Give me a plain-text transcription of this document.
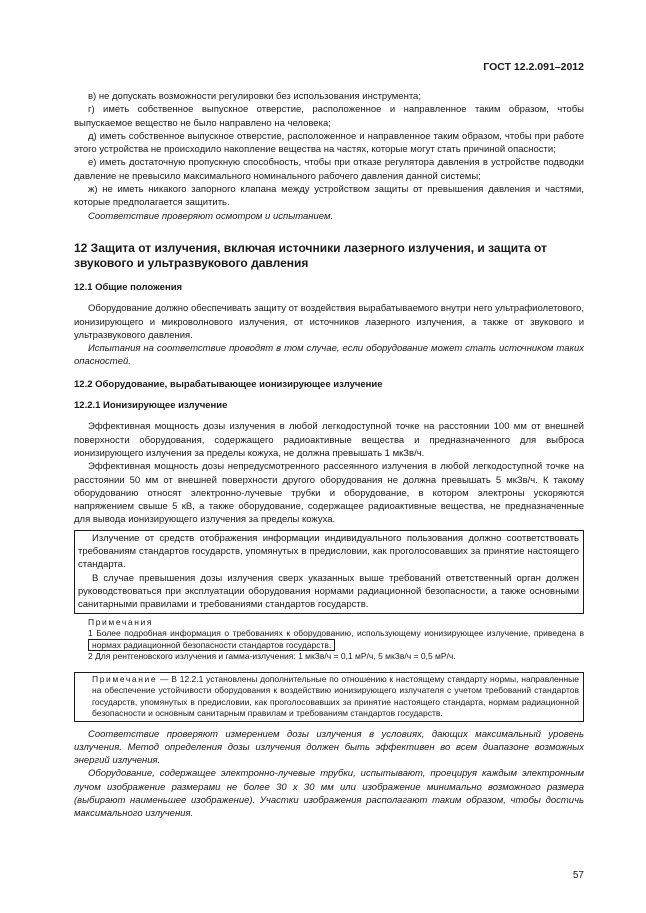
ГОСТ 12.2.091–2012

в) не допускать возможности регулировки без использования инструмента;

г) иметь собственное выпускное отверстие, расположенное и направленное таким образом, чтобы выпускаемое вещество не было направлено на человека;

д) иметь собственное выпускное отверстие, расположенное и направленное таким образом, чтобы при работе этого устройства не происходило накопление вещества на частях, которые могут стать причиной опасности;

е) иметь достаточную пропускную способность, чтобы при отказе регулятора давления в устройстве подводки давление не превысило максимального номинального рабочего давления данной системы;

ж) не иметь никакого запорного клапана между устройством защиты от превышения давления и частями, которые предполагается защитить.

Соответствие проверяют осмотром и испытанием.

12 Защита от излучения, включая источники лазерного излучения, и защита от звукового и ультразвукового давления
12.1 Общие положения

Оборудование должно обеспечивать защиту от воздействия вырабатываемого внутри него ультрафиолетового, ионизирующего и микроволнового излучения, от источников лазерного излучения, а также от звукового и ультразвукового давления.

Испытания на соответствие проводят в том случае, если оборудование может стать источником таких опасностей.

12.2 Оборудование, вырабатывающее ионизирующее излучение
12.2.1 Ионизирующее излучение

Эффективная мощность дозы излучения в любой легкодоступной точке на расстоянии 100 мм от внешней поверхности оборудования, содержащего радиоактивные вещества и предназначенного для выброса ионизирующего излучения за пределы кожуха, не должна превышать 1 мкЗв/ч.

Эффективная мощность дозы непредусмотренного рассеянного излучения в любой легкодоступной точке на расстоянии 50 мм от внешней поверхности другого оборудования не должна превышать 5 мкЗв/ч. К такому оборудованию относят электронно-лучевые трубки и оборудование, в котором электроны ускоряются напряжением свыше 5 кВ, а также оборудование, содержащее радиоактивные вещества, не предназначенные для вывода ионизирующего излучения за пределы кожуха.

Излучение от средств отображения информации индивидуального пользования должно соответствовать требованиям стандартов государств, упомянутых в предисловии, как проголосовавших за принятие настоящего стандарта.

В случае превышения дозы излучения сверх указанных выше требований ответственный орган должен руководствоваться при эксплуатации оборудования нормами радиационной безопасности, а также основными санитарными правилами и требованиями стандартов государств.

Примечания

1 Более подробная информация о требованиях к оборудованию, использующему ионизирующее излучение, приведена в нормах радиационной безопасности стандартов государств.

2 Для рентгеновского излучения и гамма-излучения: 1 мкЗв/ч = 0,1 мР/ч, 5 мкЗв/ч = 0,5 мР/ч.

Примечание — В 12.2.1 установлены дополнительные по отношению к настоящему стандарту нормы, направленные на обеспечение устойчивости оборудования к воздействию ионизирующего излучателя с учетом требований стандартов государств, упомянутых в предисловии, как проголосовавших за принятие настоящего стандарта, нормам радиационной безопасности и основным санитарным правилам и требованиям стандартов государств.

Соответствие проверяют измерением дозы излучения в условиях, дающих максимальный уровень излучения. Метод определения дозы излучения должен быть эффективен во всем диапазоне возможных энергий излучения.

Оборудование, содержащее электронно-лучевые трубки, испытывают, проецируя каждым электронным лучом изображение размерами не более 30 х 30 мм или изображение минимально возможного размера (выбирают наименьшее изображение). Участки изображения располагают таким образом, чтобы достичь максимального излучения.

57
